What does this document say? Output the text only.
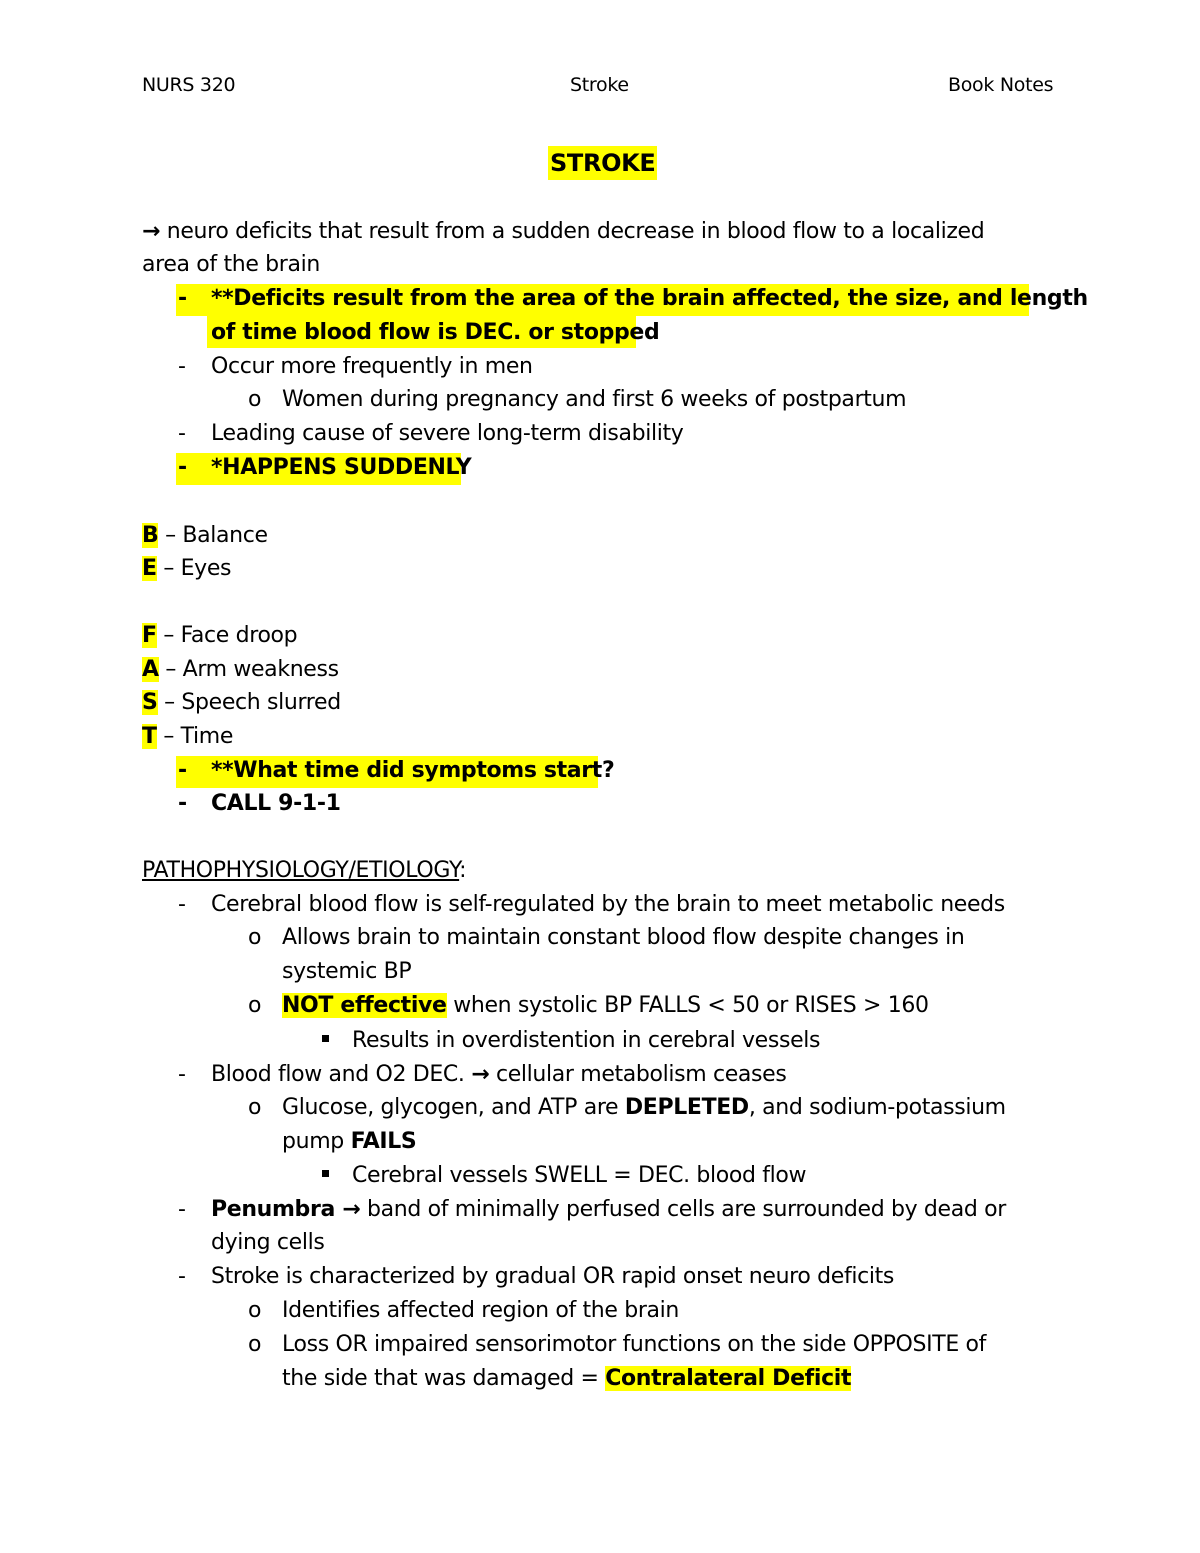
NURS 320	Stroke	Book Notes
STROKE
→ neuro deficits that result from a sudden decrease in blood flow to a localized
area of the brain
- **Deficits result from the area of the brain affected, the size, and length
of time blood flow is DEC. or stopped
- Occur more frequently in men
o Women during pregnancy and first 6 weeks of postpartum
- Leading cause of severe long-term disability
- *HAPPENS SUDDENLY
B – Balance
E – Eyes
F – Face droop
A – Arm weakness
S – Speech slurred
T – Time
- **What time did symptoms start?
- CALL 9-1-1
PATHOPHYSIOLOGY/ETIOLOGY:
- Cerebral blood flow is self-regulated by the brain to meet metabolic needs
o Allows brain to maintain constant blood flow despite changes in
systemic BP
o NOT effective when systolic BP FALLS < 50 or RISES > 160
Results in overdistention in cerebral vessels
- Blood flow and O2 DEC. → cellular metabolism ceases
o Glucose, glycogen, and ATP are DEPLETED, and sodium-potassium
pump FAILS
Cerebral vessels SWELL = DEC. blood flow
- Penumbra → band of minimally perfused cells are surrounded by dead or
dying cells
- Stroke is characterized by gradual OR rapid onset neuro deficits
o Identifies affected region of the brain
o Loss OR impaired sensorimotor functions on the side OPPOSITE of
the side that was damaged = Contralateral Deficit
